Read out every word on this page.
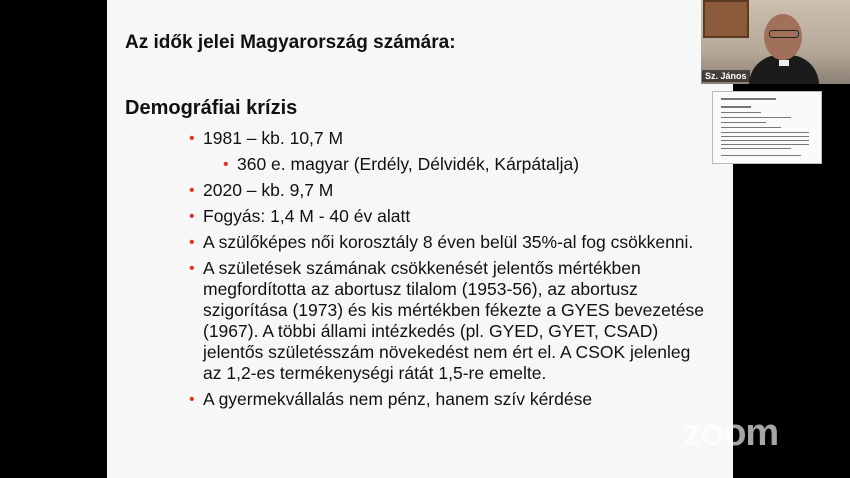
Az idők jelei Magyarország számára:
Demográfiai krízis
• 1981 – kb. 10,7 M
• 360 e. magyar (Erdély, Délvidék, Kárpátalja)
• 2020 – kb. 9,7 M
• Fogyás: 1,4 M - 40 év alatt
• A szülőképes női korosztály 8 éven belül 35%-al fog csökkenni.
• A születések számának csökkenését jelentős mértékben megfordította az abortusz tilalom (1953-56), az abortusz szigorítása (1973) és kis mértékben fékezte a GYES bevezetése (1967). A többi állami intézkedés (pl. GYED, GYET, CSAD) jelentős születésszám növekedést nem ért el. A CSOK jelenleg az 1,2-es termékenységi rátát 1,5-re emelte.
• A gyermekvállalás nem pénz, hanem szív kérdése
Sz. János
zoom
